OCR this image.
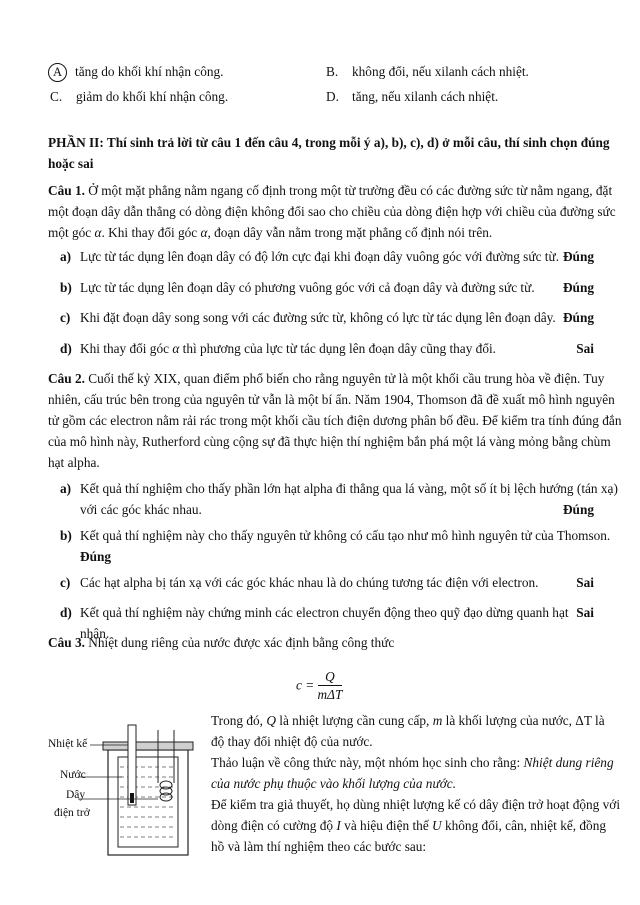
A tăng do khối khí nhận công.	B. không đổi, nếu xilanh cách nhiệt.
C. giảm do khối khí nhận công.	D. tăng, nếu xilanh cách nhiệt.
PHẦN II: Thí sinh trả lời từ câu 1 đến câu 4, trong mỗi ý a), b), c), d) ở mỗi câu, thí sinh chọn đúng
hoặc sai
Câu 1. Ở một mặt phẳng nằm ngang cố định trong một từ trường đều có các đường sức từ nằm ngang, đặt
một đoạn dây dẫn thẳng có dòng điện không đổi sao cho chiều của dòng điện hợp với chiều của đường sức
một góc α. Khi thay đổi góc α, đoạn dây vẫn nằm trong mặt phẳng cố định nói trên.
a) Lực từ tác dụng lên đoạn dây có độ lớn cực đại khi đoạn dây vuông góc với đường sức từ. Đúng
b) Lực từ tác dụng lên đoạn dây có phương vuông góc với cả đoạn dây và đường sức từ.	Đúng
c) Khi đặt đoạn dây song song với các đường sức từ, không có lực từ tác dụng lên đoạn dây. Đúng
d) Khi thay đổi góc α thì phương của lực từ tác dụng lên đoạn dây cũng thay đổi.	Sai
Câu 2. Cuối thế kỷ XIX, quan điểm phổ biến cho rằng nguyên tử là một khối cầu trung hòa về điện. Tuy
nhiên, cấu trúc bên trong của nguyên tử vẫn là một bí ẩn. Năm 1904, Thomson đã đề xuất mô hình nguyên
tử gồm các electron nằm rải rác trong một khối cầu tích điện dương phân bố đều. Để kiểm tra tính đúng đắn
của mô hình này, Rutherford cùng cộng sự đã thực hiện thí nghiệm bắn phá một lá vàng mỏng bằng chùm
hạt alpha.
a) Kết quả thí nghiệm cho thấy phần lớn hạt alpha đi thẳng qua lá vàng, một số ít bị lệch hướng (tán xạ)
với các góc khác nhau.	Đúng
b) Kết quả thí nghiệm này cho thấy nguyên tử không có cấu tạo như mô hình nguyên tử của Thomson.
Đúng
c) Các hạt alpha bị tán xạ với các góc khác nhau là do chúng tương tác điện với electron.	Sai
d) Kết quả thí nghiệm này chứng minh các electron chuyển động theo quỹ đạo dừng quanh hạt nhân.
Sai
Câu 3. Nhiệt dung riêng của nước được xác định bằng công thức
$c = \frac{Q}{\text{mΔT}}$
Trong đó, Q là nhiệt lượng cần cung cấp, m là khối lượng của nước, ΔT là
độ thay đổi nhiệt độ của nước.
Thảo luận về công thức này, một nhóm học sinh cho rằng: Nhiệt dung riêng
của nước phụ thuộc vào khối lượng của nước.
Để kiểm tra giả thuyết, họ dùng nhiệt lượng kế có dây điện trở hoạt động với
dòng điện có cường độ I và hiệu điện thế U không đổi, cân, nhiệt kế, đồng
hồ và làm thí nghiệm theo các bước sau:
Nhiệt kế
Nước
Dây
điện trở
